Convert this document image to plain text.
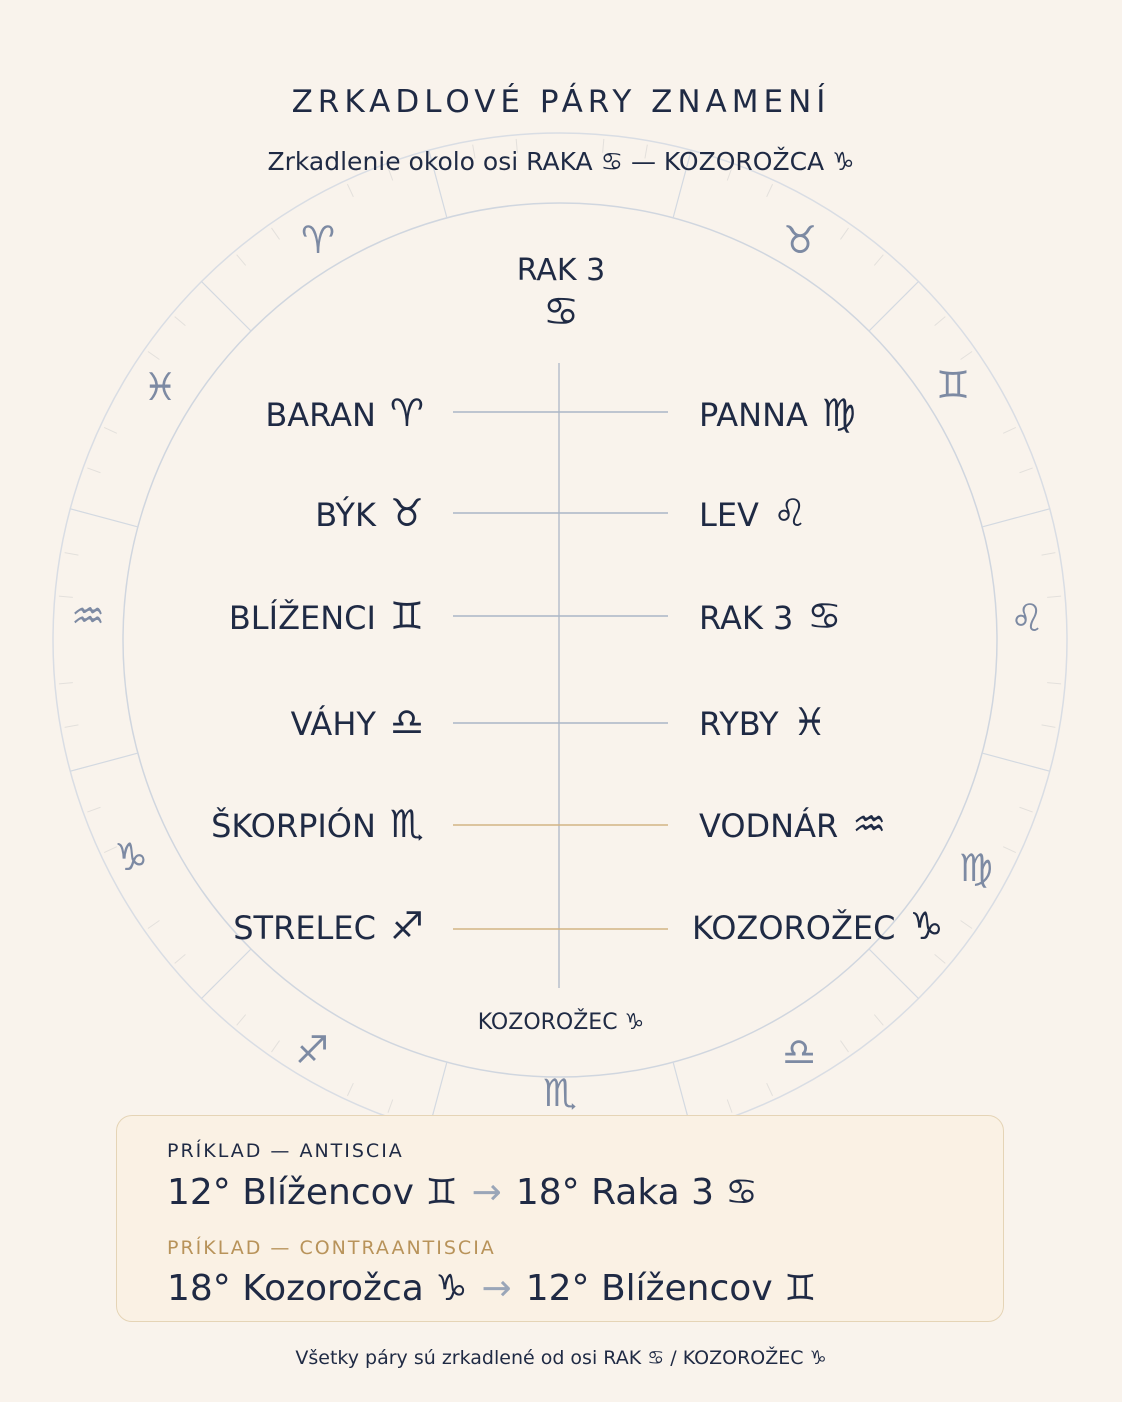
♈	♉
♓	♊
♌
♍
♎
♏
♐
♑
♒
ZRKADLOVÉ PÁRY ZNAMENÍ
Zrkadlenie okolo osi RAKA ♋ — KOZOROŽCA ♑
RAK 3
♋
KOZOROŽEC ♑
BARAN ♈	PANNA ♍
BÝK ♉	LEV ♌
BLÍŽENCI ♊	RAK 3 ♋
VÁHY ♎	RYBY ♓
ŠKORPIÓN ♏	VODNÁR ♒
STRELEC ♐	KOZOROŽEC ♑
PRÍKLAD — ANTISCIA
12° Blížencov ♊ → 18° Raka 3 ♋
PRÍKLAD — CONTRAANTISCIA
18° Kozorožca ♑ → 12° Blížencov ♊
Všetky páry sú zrkadlené od osi RAK ♋ / KOZOROŽEC ♑
